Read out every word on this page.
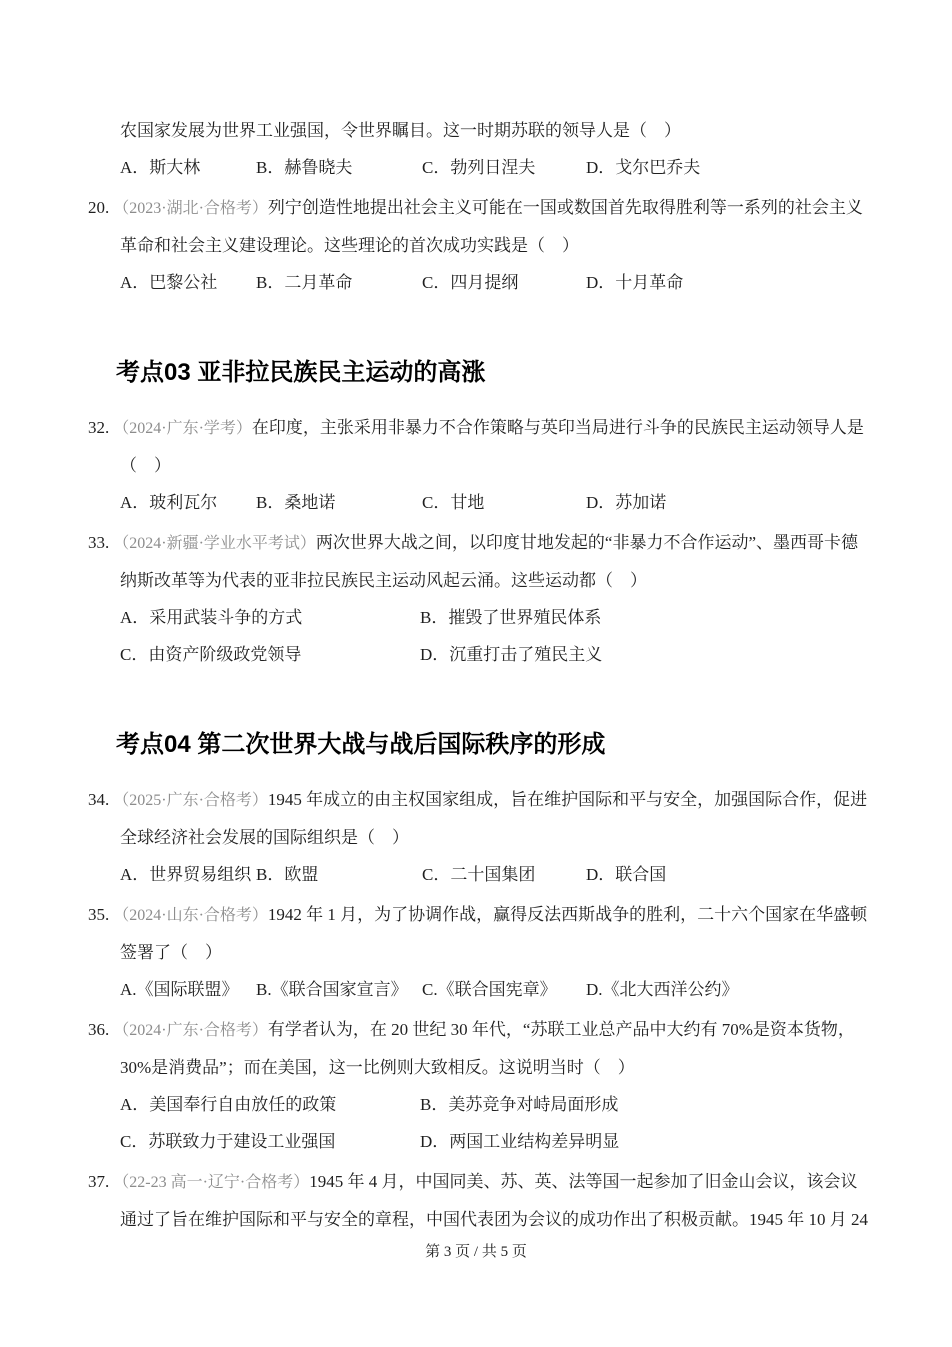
农国家发展为世界工业强国，令世界瞩目。这一时期苏联的领导人是（　）

A．斯大林	B．赫鲁晓夫	C．勃列日涅夫	D．戈尔巴乔夫

20. （2023·湖北·合格考）列宁创造性地提出社会主义可能在一国或数国首先取得胜利等一系列的社会主义革命和社会主义建设理论。这些理论的首次成功实践是（　）

A．巴黎公社	B．二月革命	C．四月提纲	D．十月革命
考点03 亚非拉民族民主运动的高涨

32. （2024·广东·学考）在印度，主张采用非暴力不合作策略与英印当局进行斗争的民族民主运动领导人是（　）

A．玻利瓦尔	B．桑地诺	C．甘地	D．苏加诺

33. （2024·新疆·学业水平考试）两次世界大战之间，以印度甘地发起的“非暴力不合作运动”、墨西哥卡德纳斯改革等为代表的亚非拉民族民主运动风起云涌。这些运动都（　）

A．采用武装斗争的方式	B．摧毁了世界殖民体系
C．由资产阶级政党领导	D．沉重打击了殖民主义
考点04 第二次世界大战与战后国际秩序的形成

34. （2025·广东·合格考）1945 年成立的由主权国家组成，旨在维护国际和平与安全，加强国际合作，促进全球经济社会发展的国际组织是（　）

A．世界贸易组织 B．欧盟	C．二十国集团	D．联合国

35. （2024·山东·合格考）1942 年 1 月，为了协调作战，赢得反法西斯战争的胜利，二十六个国家在华盛顿签署了（　）

A.《国际联盟》	B.《联合国家宣言》 C.《联合国宪章》	D.《北大西洋公约》

36. （2024·广东·合格考）有学者认为，在 20 世纪 30 年代，“苏联工业总产品中大约有 70%是资本货物，30%是消费品”；而在美国，这一比例则大致相反。这说明当时（　）

A．美国奉行自由放任的政策	B．美苏竞争对峙局面形成
C．苏联致力于建设工业强国	D．两国工业结构差异明显

37. （22-23 高一·辽宁·合格考）1945 年 4 月，中国同美、苏、英、法等国一起参加了旧金山会议，该会议通过了旨在维护国际和平与安全的章程，中国代表团为会议的成功作出了积极贡献。1945 年 10 月 24

第 3 页 / 共 5 页
